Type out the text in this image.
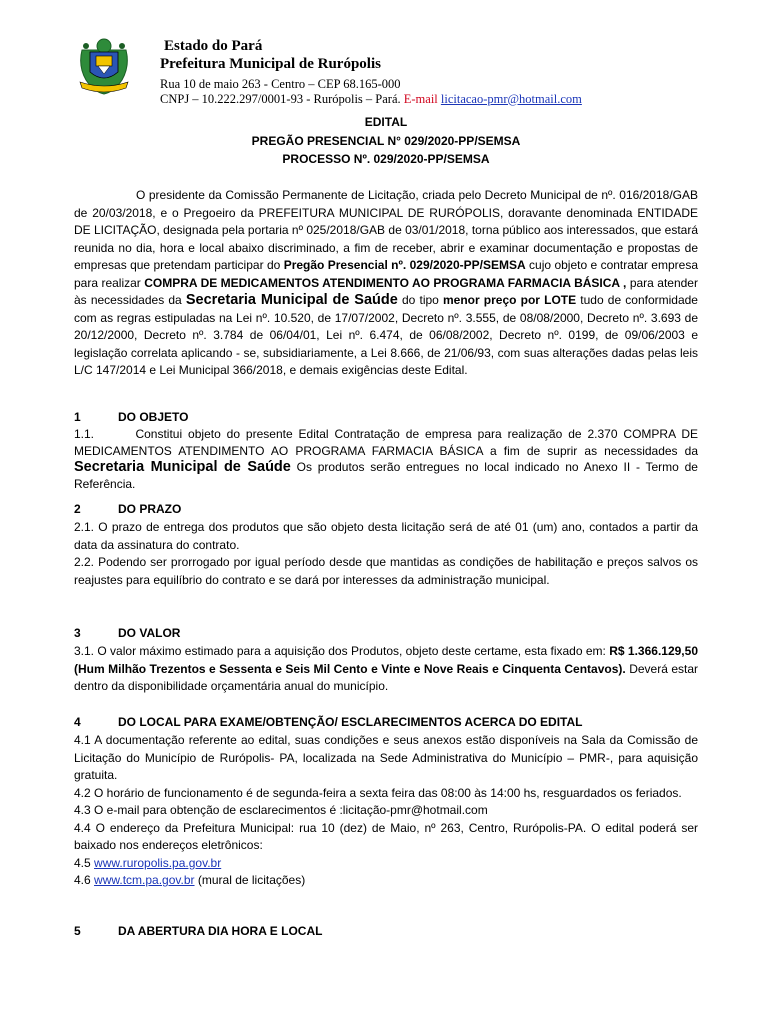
Estado do Pará
Prefeitura Municipal de Rurópolis
Rua 10 de maio 263 - Centro – CEP 68.165-000
CNPJ – 10.222.297/0001-93 - Rurópolis – Pará. E-mail licitacao-pmr@hotmail.com
EDITAL
PREGÃO PRESENCIAL N° 029/2020-PP/SEMSA
PROCESSO Nº. 029/2020-PP/SEMSA

O presidente da Comissão Permanente de Licitação, criada pelo Decreto Municipal de nº. 016/2018/GAB de 20/03/2018, e o Pregoeiro da PREFEITURA MUNICIPAL DE RURÓPOLIS, doravante denominada ENTIDADE DE LICITAÇÃO, designada pela portaria nº 025/2018/GAB de 03/01/2018, torna público aos interessados, que estará reunida no dia, hora e local abaixo discriminado, a fim de receber, abrir e examinar documentação e propostas de empresas que pretendam participar do Pregão Presencial nº. 029/2020-PP/SEMSA cujo objeto e contratar empresa para realizar COMPRA DE MEDICAMENTOS ATENDIMENTO AO PROGRAMA FARMACIA BÁSICA , para atender às necessidades da Secretaria Municipal de Saúde do tipo menor preço por LOTE tudo de conformidade com as regras estipuladas na Lei nº. 10.520, de 17/07/2002, Decreto nº. 3.555, de 08/08/2000, Decreto nº. 3.693 de 20/12/2000, Decreto nº. 3.784 de 06/04/01, Lei nº. 6.474, de 06/08/2002, Decreto nº. 0199, de 09/06/2003 e legislação correlata aplicando - se, subsidiariamente, a Lei 8.666, de 21/06/93, com suas alterações dadas pelas leis L/C 147/2014 e Lei Municipal 366/2018, e demais exigências deste Edital.

1	DO OBJETO

1.1.	Constitui objeto do presente Edital Contratação de empresa para realização de 2.370 COMPRA DE MEDICAMENTOS ATENDIMENTO AO PROGRAMA FARMACIA BÁSICA a fim de suprir as necessidades da Secretaria Municipal de Saúde Os produtos serão entregues no local indicado no Anexo II - Termo de Referência.

2	DO PRAZO

2.1. O prazo de entrega dos produtos que são objeto desta licitação será de até 01 (um) ano, contados a partir da data da assinatura do contrato.

2.2. Podendo ser prorrogado por igual período desde que mantidas as condições de habilitação e preços salvos os reajustes para equilíbrio do contrato e se dará por interesses da administração municipal.

3	DO VALOR

3.1. O valor máximo estimado para a aquisição dos Produtos, objeto deste certame, esta fixado em: R$ 1.366.129,50 (Hum Milhão Trezentos e Sessenta e Seis Mil Cento e Vinte e Nove Reais e Cinquenta Centavos). Deverá estar dentro da disponibilidade orçamentária anual do município.

4	DO LOCAL PARA EXAME/OBTENÇÃO/ ESCLARECIMENTOS ACERCA DO EDITAL

4.1 A documentação referente ao edital, suas condições e seus anexos estão disponíveis na Sala da Comissão de Licitação do Município de Rurópolis- PA, localizada na Sede Administrativa do Município – PMR-, para aquisição gratuita.

4.2 O horário de funcionamento é de segunda-feira a sexta feira das 08:00 às 14:00 hs, resguardados os feriados.

4.3 O e-mail para obtenção de esclarecimentos é :licitação-pmr@hotmail.com

4.4 O endereço da Prefeitura Municipal: rua 10 (dez) de Maio, nº 263, Centro, Rurópolis-PA. O edital poderá ser baixado nos endereços eletrônicos:

4.5 www.ruropolis.pa.gov.br

4.6 www.tcm.pa.gov.br (mural de licitações)

5	DA ABERTURA DIA HORA E LOCAL
